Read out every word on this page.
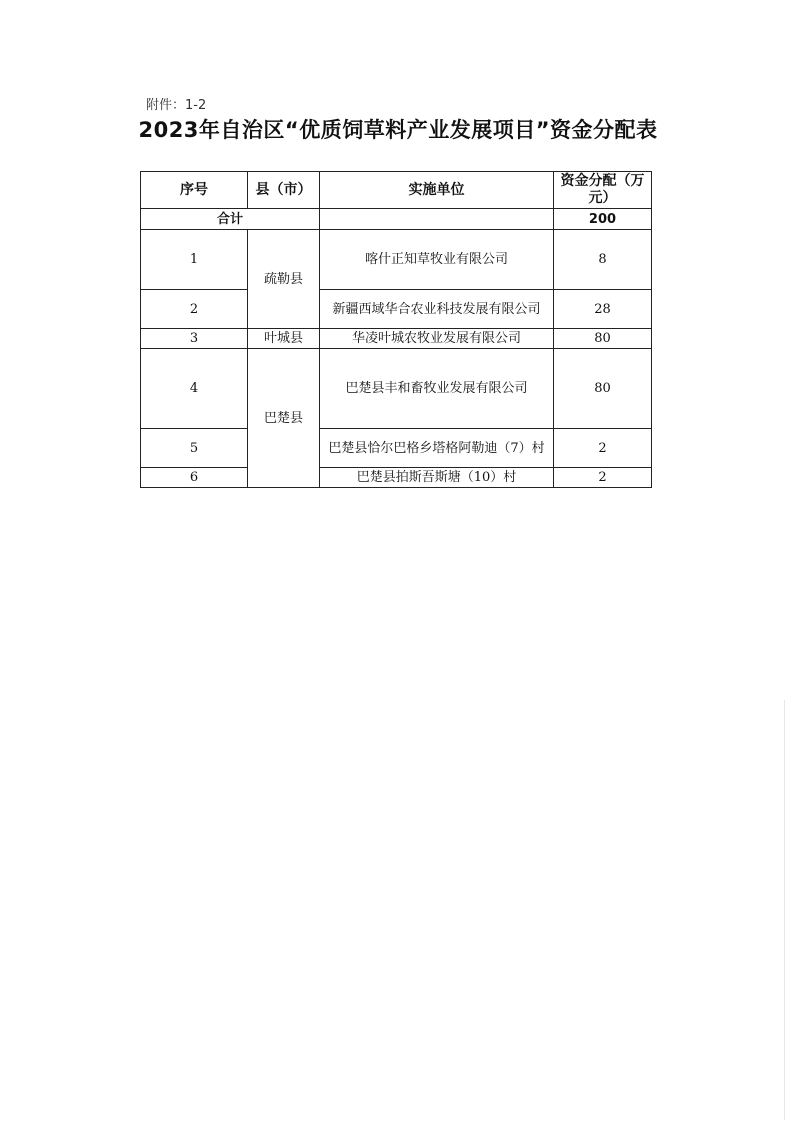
附件：1-2
2023年自治区“优质饲草料产业发展项目”资金分配表
序号	县（市）	实施单位	资金分配（万元）
合计			200
1	疏勒县	喀什正知草牧业有限公司	8
2		新疆西域华合农业科技发展有限公司	28
3	叶城县	华凌叶城农牧业发展有限公司	80
4	巴楚县	巴楚县丰和畜牧业发展有限公司	80
5		巴楚县恰尔巴格乡塔格阿勒迪（7）村	2
6		巴楚县拍斯吾斯塘（10）村	2
